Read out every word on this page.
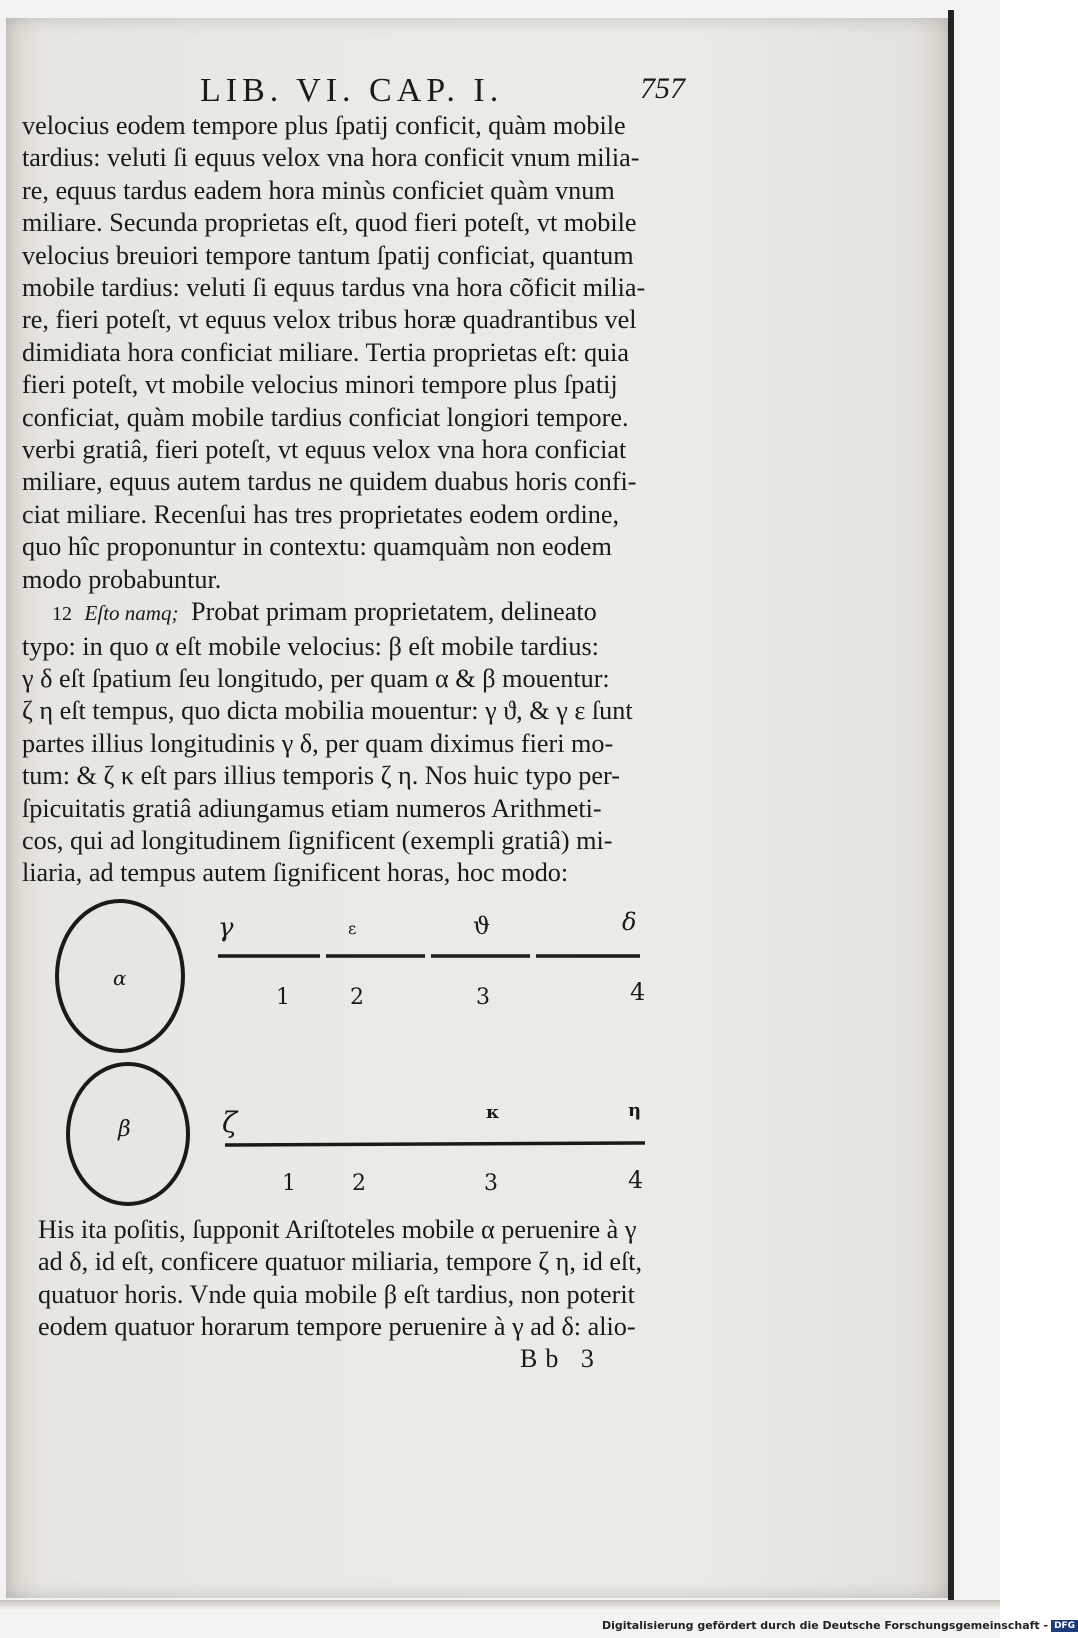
LIB. VI. CAP. I.	757
velocius eodem tempore plus ſpatij conficit, quàm mobile
tardius: veluti ſi equus velox vna hora conficit vnum milia-
re, equus tardus eadem hora minùs conficiet quàm vnum
miliare. Secunda proprietas eſt, quod fieri poteſt, vt mobile
velocius breuiori tempore tantum ſpatij conficiat, quantum
mobile tardius: veluti ſi equus tardus vna hora cõficit milia-
re, fieri poteſt, vt equus velox tribus horæ quadrantibus vel
dimidiata hora conficiat miliare. Tertia proprietas eſt: quia
fieri poteſt, vt mobile velocius minori tempore plus ſpatij
conficiat, quàm mobile tardius conficiat longiori tempore.
verbi gratiâ, fieri poteſt, vt equus velox vna hora conficiat
miliare, equus autem tardus ne quidem duabus horis confi-
ciat miliare. Recenſui has tres proprietates eodem ordine,
quo hîc proponuntur in contextu: quamquàm non eodem
modo probabuntur.
12 Eſto namq; Probat primam proprietatem, delineato
typo: in quo α eſt mobile velocius: β eſt mobile tardius:
γ δ eſt ſpatium ſeu longitudo, per quam α & β mouentur:
ζ η eſt tempus, quo dicta mobilia mouentur: γ ϑ, & γ ε ſunt
partes illius longitudinis γ δ, per quam diximus fieri mo-
tum: & ζ κ eſt pars illius temporis ζ η. Nos huic typo per-
ſpicuitatis gratiâ adiungamus etiam numeros Arithmeti-
cos, qui ad longitudinem ſignificent (exempli gratiâ) mi-
liaria, ad tempus autem ſignificent horas, hoc modo:
α
γ	ε	ϑ	δ
1	2	3	4
β	ζ	κ	η
1	2	3	4
His ita poſitis, ſupponit Ariſtoteles mobile α peruenire à γ
ad δ, id eſt, conficere quatuor miliaria, tempore ζ η, id eſt,
quatuor horis. Vnde quia mobile β eſt tardius, non poterit
eodem quatuor horarum tempore peruenire à γ ad δ: alio-
Bb 3
Digitalisierung gefördert durch die Deutsche Forschungsgemeinschaft - DFG
